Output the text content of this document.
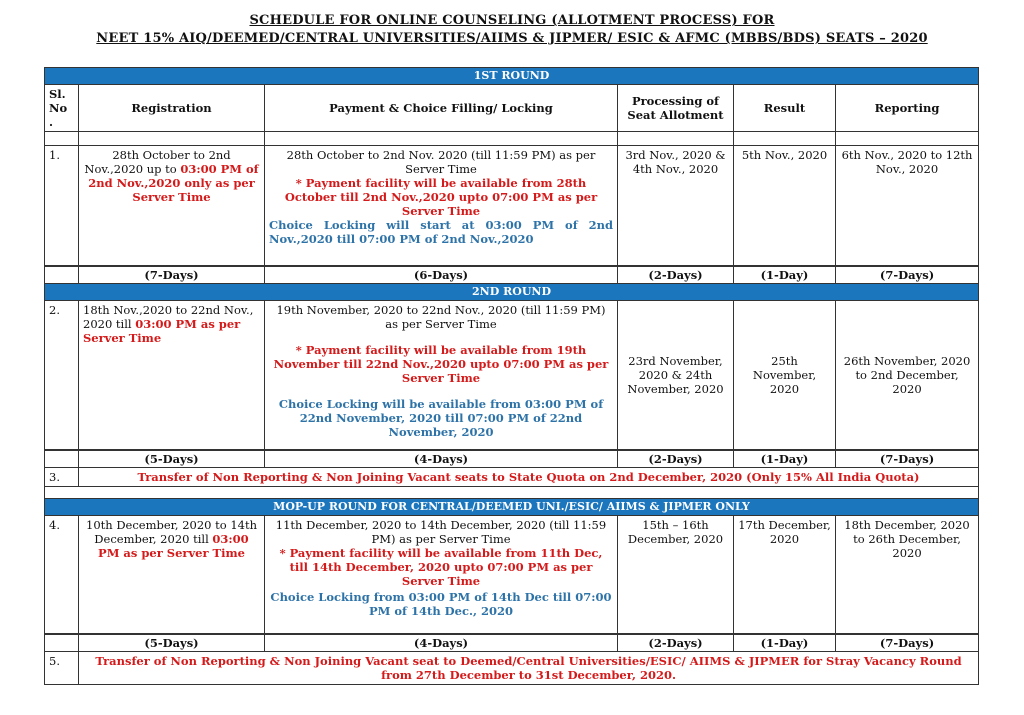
SCHEDULE FOR ONLINE COUNSELING (ALLOTMENT PROCESS) FOR
NEET 15% AIQ/DEEMED/CENTRAL UNIVERSITIES/AIIMS & JIPMER/ ESIC & AFMC (MBBS/BDS) SEATS – 2020
1ST ROUND					
Sl. No .	Registration	Payment & Choice Filling/ Locking	Processing of Seat Allotment	Result	Reporting

1.	28th October to 2nd Nov.,2020 up to 03:00 PM of 2nd Nov.,2020 only as per Server Time	28th October to 2nd Nov. 2020 (till 11:59 PM) as per Server Time
* Payment facility will be available from 28th October till 2nd Nov.,2020 upto 07:00 PM as per Server Time
Choice Locking will start at 03:00 PM of 2nd Nov.,2020 till 07:00 PM of 2nd Nov.,2020	3rd Nov., 2020 & 4th Nov., 2020	5th Nov., 2020	6th Nov., 2020 to 12th Nov., 2020
	(7-Days)	(6-Days)	(2-Days)	(1-Day)	(7-Days)
2ND ROUND					
2.	18th Nov.,2020 to 22nd Nov., 2020 till 03:00 PM as per Server Time	19th November, 2020 to 22nd Nov., 2020 (till 11:59 PM) as per Server Time
* Payment facility will be available from 19th November till 22nd Nov.,2020 upto 07:00 PM as per Server Time
Choice Locking will be available from 03:00 PM of 22nd November, 2020 till 07:00 PM of 22nd November, 2020	23rd November, 2020 & 24th November, 2020	25th November, 2020	26th November, 2020 to 2nd December, 2020
	(5-Days)	(4-Days)	(2-Days)	(1-Day)	(7-Days)
3.	Transfer of Non Reporting & Non Joining Vacant seats to State Quota on 2nd December, 2020 (Only 15% All India Quota)				

MOP-UP ROUND FOR CENTRAL/DEEMED UNI./ESIC/ AIIMS & JIPMER ONLY					
4.	10th December, 2020 to 14th December, 2020 till 03:00 PM as per Server Time	11th December, 2020 to 14th December, 2020 (till 11:59 PM) as per Server Time
* Payment facility will be available from 11th Dec, till 14th December, 2020 upto 07:00 PM as per Server Time
Choice Locking from 03:00 PM of 14th Dec till 07:00 PM of 14th Dec., 2020	15th – 16th December, 2020	17th December, 2020	18th December, 2020 to 26th December, 2020
	(5-Days)	(4-Days)	(2-Days)	(1-Day)	(7-Days)
5.	Transfer of Non Reporting & Non Joining Vacant seat to Deemed/Central Universities/ESIC/ AIIMS & JIPMER for Stray Vacancy Round from 27th December to 31st December, 2020.				
